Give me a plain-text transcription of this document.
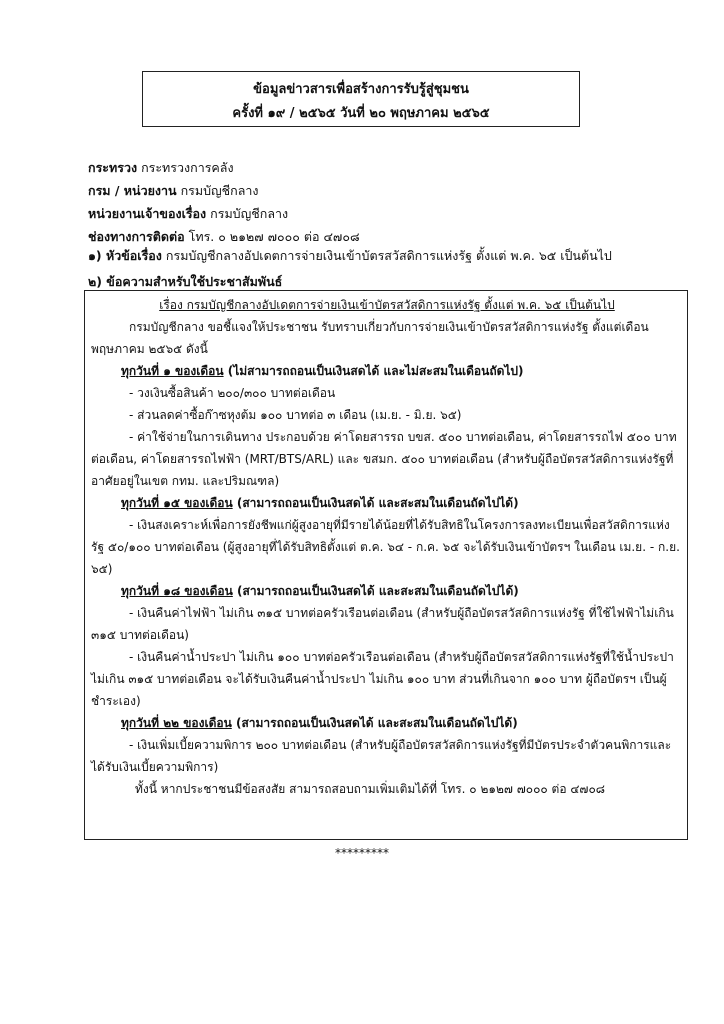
ข้อมูลข่าวสารเพื่อสร้างการรับรู้สู่ชุมชน
ครั้งที่ ๑๙ / ๒๕๖๕ วันที่ ๒๐ พฤษภาคม ๒๕๖๕
กระทรวง กระทรวงการคลัง
กรม / หน่วยงาน กรมบัญชีกลาง
หน่วยงานเจ้าของเรื่อง กรมบัญชีกลาง
ช่องทางการติดต่อ โทร. ๐ ๒๑๒๗ ๗๐๐๐ ต่อ ๔๗๐๘
๑) หัวข้อเรื่อง กรมบัญชีกลางอัปเดตการจ่ายเงินเข้าบัตรสวัสดิการแห่งรัฐ ตั้งแต่ พ.ค. ๖๕ เป็นต้นไป
๒) ข้อความสำหรับใช้ประชาสัมพันธ์
เรื่อง กรมบัญชีกลางอัปเดตการจ่ายเงินเข้าบัตรสวัสดิการแห่งรัฐ ตั้งแต่ พ.ค. ๖๕ เป็นต้นไป
กรมบัญชีกลาง ขอชี้แจงให้ประชาชน รับทราบเกี่ยวกับการจ่ายเงินเข้าบัตรสวัสดิการแห่งรัฐ ตั้งแต่เดือน พฤษภาคม ๒๕๖๕ ดังนี้
ทุกวันที่ ๑ ของเดือน (ไม่สามารถถอนเป็นเงินสดได้ และไม่สะสมในเดือนถัดไป)
- วงเงินซื้อสินค้า ๒๐๐/๓๐๐ บาทต่อเดือน
- ส่วนลดค่าซื้อก๊าซหุงต้ม ๑๐๐ บาทต่อ ๓ เดือน (เม.ย. - มิ.ย. ๖๕)
- ค่าใช้จ่ายในการเดินทาง ประกอบด้วย ค่าโดยสารรถ บขส. ๕๐๐ บาทต่อเดือน, ค่าโดยสารรถไฟ ๕๐๐ บาทต่อเดือน, ค่าโดยสารรถไฟฟ้า (MRT/BTS/ARL) และ ขสมก. ๕๐๐ บาทต่อเดือน (สำหรับผู้ถือบัตรสวัสดิการแห่งรัฐที่อาศัยอยู่ในเขต กทม. และปริมณฑล)
ทุกวันที่ ๑๕ ของเดือน (สามารถถอนเป็นเงินสดได้ และสะสมในเดือนถัดไปได้)
- เงินสงเคราะห์เพื่อการยังชีพแก่ผู้สูงอายุที่มีรายได้น้อยที่ได้รับสิทธิในโครงการลงทะเบียนเพื่อสวัสดิการแห่งรัฐ ๕๐/๑๐๐ บาทต่อเดือน (ผู้สูงอายุที่ได้รับสิทธิตั้งแต่ ต.ค. ๖๔ - ก.ค. ๖๕ จะได้รับเงินเข้าบัตรฯ ในเดือน เม.ย. - ก.ย. ๖๕)
ทุกวันที่ ๑๘ ของเดือน (สามารถถอนเป็นเงินสดได้ และสะสมในเดือนถัดไปได้)
- เงินคืนค่าไฟฟ้า ไม่เกิน ๓๑๕ บาทต่อครัวเรือนต่อเดือน (สำหรับผู้ถือบัตรสวัสดิการแห่งรัฐ ที่ใช้ไฟฟ้าไม่เกิน ๓๑๕ บาทต่อเดือน)
- เงินคืนค่าน้ำประปา ไม่เกิน ๑๐๐ บาทต่อครัวเรือนต่อเดือน (สำหรับผู้ถือบัตรสวัสดิการแห่งรัฐที่ใช้น้ำประปาไม่เกิน ๓๑๕ บาทต่อเดือน จะได้รับเงินคืนค่าน้ำประปา ไม่เกิน ๑๐๐ บาท ส่วนที่เกินจาก ๑๐๐ บาท ผู้ถือบัตรฯ เป็นผู้ชำระเอง)
ทุกวันที่ ๒๒ ของเดือน (สามารถถอนเป็นเงินสดได้ และสะสมในเดือนถัดไปได้)
- เงินเพิ่มเบี้ยความพิการ ๒๐๐ บาทต่อเดือน (สำหรับผู้ถือบัตรสวัสดิการแห่งรัฐที่มีบัตรประจำตัวคนพิการและได้รับเงินเบี้ยความพิการ)
ทั้งนี้ หากประชาชนมีข้อสงสัย สามารถสอบถามเพิ่มเติมได้ที่ โทร. ๐ ๒๑๒๗ ๗๐๐๐ ต่อ ๔๗๐๘
*********
